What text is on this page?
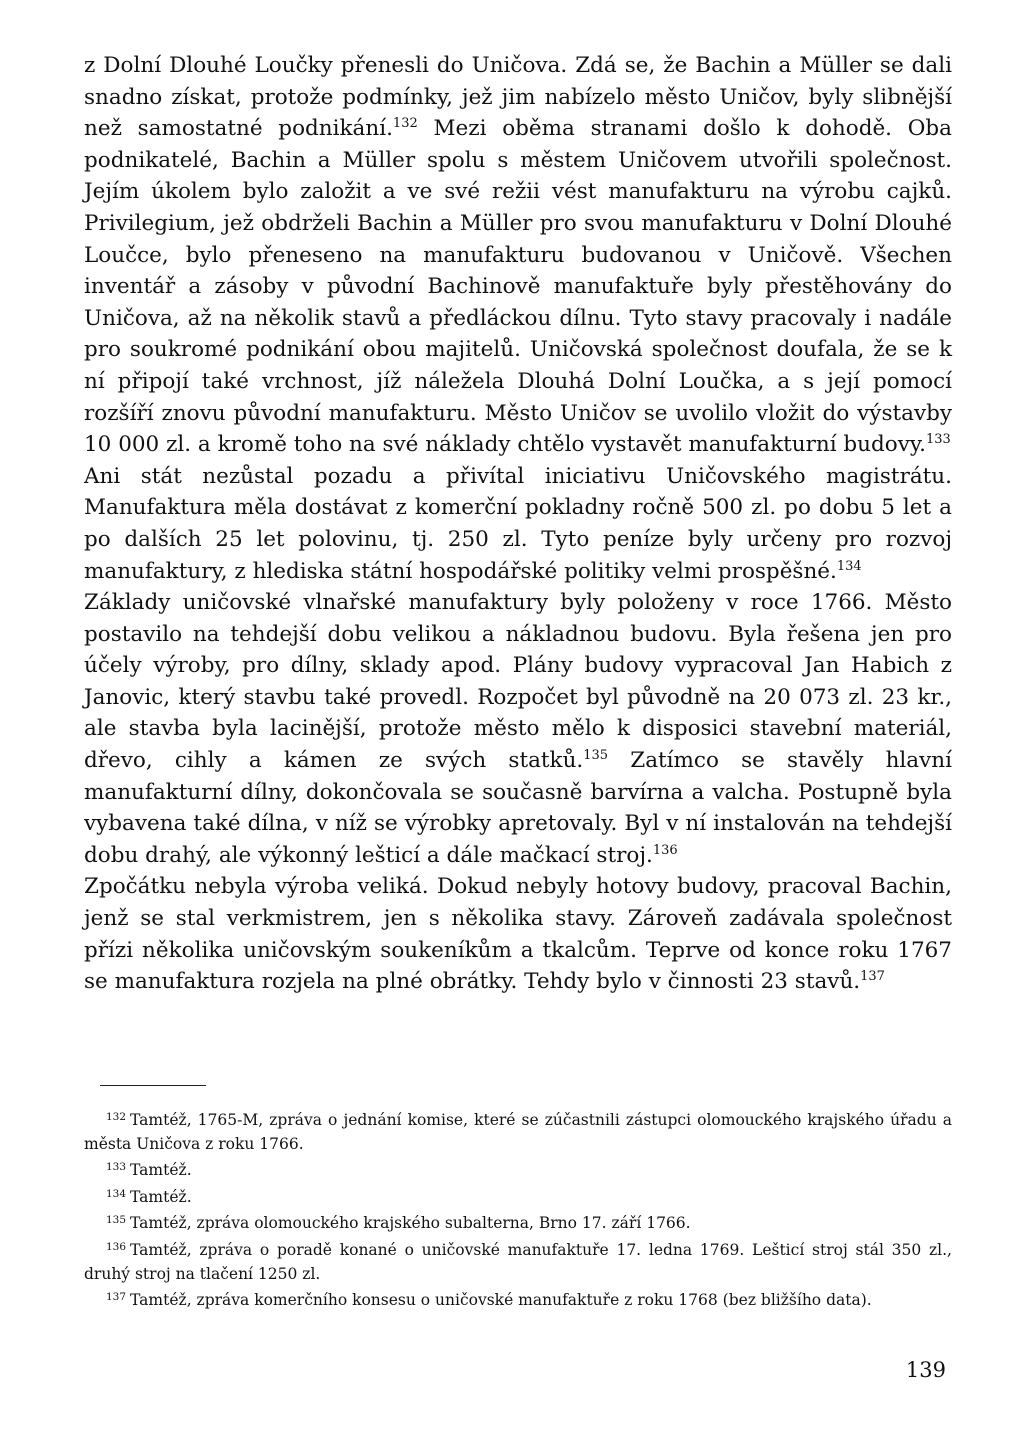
z Dolní Dlouhé Loučky přenesli do Uničova. Zdá se, že Bachin a Müller se dali snadno získat, protože podmínky, jež jim nabízelo město Uničov, byly slibnější než samostatné podnikání.$^{132}$ Mezi oběma stranami došlo k dohodě. Oba podnikatelé, Bachin a Müller spolu s městem Uničovem utvořili společnost. Jejím úkolem bylo založit a ve své režii vést manufakturu na výrobu cajků. Privilegium, jež obdrželi Bachin a Müller pro svou manufakturu v Dolní Dlouhé Loučce, bylo přeneseno na manufakturu budovanou v Uničově. Všechen inventář a zásoby v původní Bachinově manufaktuře byly přestěhovány do Uničova, až na několik stavů a předláckou dílnu. Tyto stavy pracovaly i nadále pro soukromé podnikání obou majitelů. Uničovská společnost doufala, že se k ní připojí také vrchnost, jíž náležela Dlouhá Dolní Loučka, a s její pomocí rozšíří znovu původní manufakturu. Město Uničov se uvolilo vložit do výstavby 10 000 zl. a kromě toho na své náklady chtělo vystavět manufakturní budovy.$^{133}$

Ani stát nezůstal pozadu a přivítal iniciativu Uničovského magistrátu. Manufaktura měla dostávat z komerční pokladny ročně 500 zl. po dobu 5 let a po dalších 25 let polovinu, tj. 250 zl. Tyto peníze byly určeny pro rozvoj manufaktury, z hlediska státní hospodářské politiky velmi prospěšné.$^{134}$

Základy uničovské vlnařské manufaktury byly položeny v roce 1766. Město postavilo na tehdejší dobu velikou a nákladnou budovu. Byla řešena jen pro účely výroby, pro dílny, sklady apod. Plány budovy vypracoval Jan Habich z Janovic, který stavbu také provedl. Rozpočet byl původně na 20 073 zl. 23 kr., ale stavba byla lacinější, protože město mělo k disposici stavební materiál, dřevo, cihly a kámen ze svých statků.$^{135}$ Zatímco se stavěly hlavní manufakturní dílny, dokončovala se současně barvírna a valcha. Postupně byla vybavena také dílna, v níž se výrobky apretovaly. Byl v ní instalován na tehdejší dobu drahý, ale výkonný lešticí a dále mačkací stroj.$^{136}$

Zpočátku nebyla výroba veliká. Dokud nebyly hotovy budovy, pracoval Bachin, jenž se stal verkmistrem, jen s několika stavy. Zároveň zadávala společnost přízi několika uničovským soukeníkům a tkalcům. Teprve od konce roku 1767 se manufaktura rozjela na plné obrátky. Tehdy bylo v činnosti 23 stavů.$^{137}$

$^{132}$ Tamtéž, 1765-M, zpráva o jednání komise, které se zúčastnili zástupci olomouckého krajského úřadu a města Uničova z roku 1766.

$^{133}$ Tamtéž.

$^{134}$ Tamtéž.

$^{135}$ Tamtéž, zpráva olomouckého krajského subalterna, Brno 17. září 1766.

$^{136}$ Tamtéž, zpráva o poradě konané o uničovské manufaktuře 17. ledna 1769. Lešticí stroj stál 350 zl., druhý stroj na tlačení 1250 zl.

$^{137}$ Tamtéž, zpráva komerčního konsesu o uničovské manufaktuře z roku 1768 (bez bližšího data).

139
